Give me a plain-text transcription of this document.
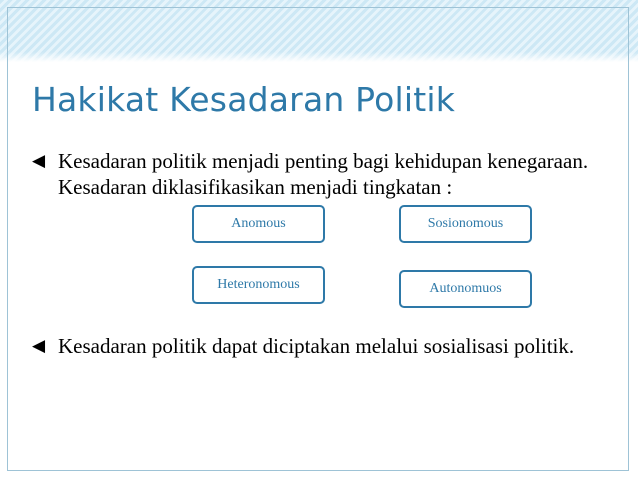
Hakikat Kesadaran Politik
◀ Kesadaran politik menjadi penting bagi kehidupan kenegaraan. Kesadaran diklasifikasikan menjadi tingkatan :
Anomous	Sosionomous
Heteronomous	Autonomuos
◀ Kesadaran politik dapat diciptakan melalui sosialisasi politik.
